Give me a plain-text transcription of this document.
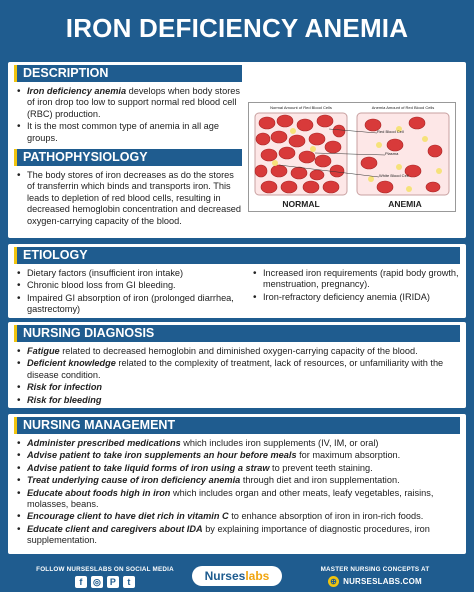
IRON DEFICIENCY ANEMIA
DESCRIPTION
• Iron deficiency anemia develops when body stores of iron drop too low to support normal red blood cell (RBC) production.
• It is the most common type of anemia in all age groups.
PATHOPHYSIOLOGY
• The body stores of iron decreases as do the stores of transferrin which binds and transports iron. This leads to depletion of red blood cells, resulting in decreased hemoglobin concentration and decreased oxygen-carrying capacity of the blood.
Normal Amount of Red Blood Cells	Anemia Amount of Red Blood Cells
Red Blood Cell
Plasma
White Blood Cell
NORMAL	ANEMIA
ETIOLOGY
• Dietary factors (insufficient iron intake)
• Chronic blood loss from GI bleeding.
• Impaired GI absorption of iron (prolonged diarrhea, gastrectomy)
• Increased iron requirements (rapid body growth, menstruation, pregnancy).
• Iron-refractory deficiency anemia (IRIDA)
NURSING DIAGNOSIS
• Fatigue related to decreased hemoglobin and diminished oxygen-carrying capacity of the blood.
• Deficient knowledge related to the complexity of treatment, lack of resources, or unfamiliarity with the disease condition.
• Risk for infection
• Risk for bleeding
NURSING MANAGEMENT
• Administer prescribed medications which includes iron supplements (IV, IM, or oral)
• Advise patient to take iron supplements an hour before meals for maximum absorption.
• Advise patient to take liquid forms of iron using a straw to prevent teeth staining.
• Treat underlying cause of iron deficiency anemia through diet and iron supplementation.
• Educate about foods high in iron which includes organ and other meats, leafy vegetables, raisins, molasses, beans.
• Encourage client to have diet rich in vitamin C to enhance absorption of iron in iron-rich foods.
• Educate client and caregivers about IDA by explaining importance of diagnostic procedures, iron supplementation.
FOLLOW NURSESLABS ON SOCIAL MEDIA
f	◎ P	t	Nurseslabs	MASTER NURSING CONCEPTS AT
⊕ NURSESLABS.COM
